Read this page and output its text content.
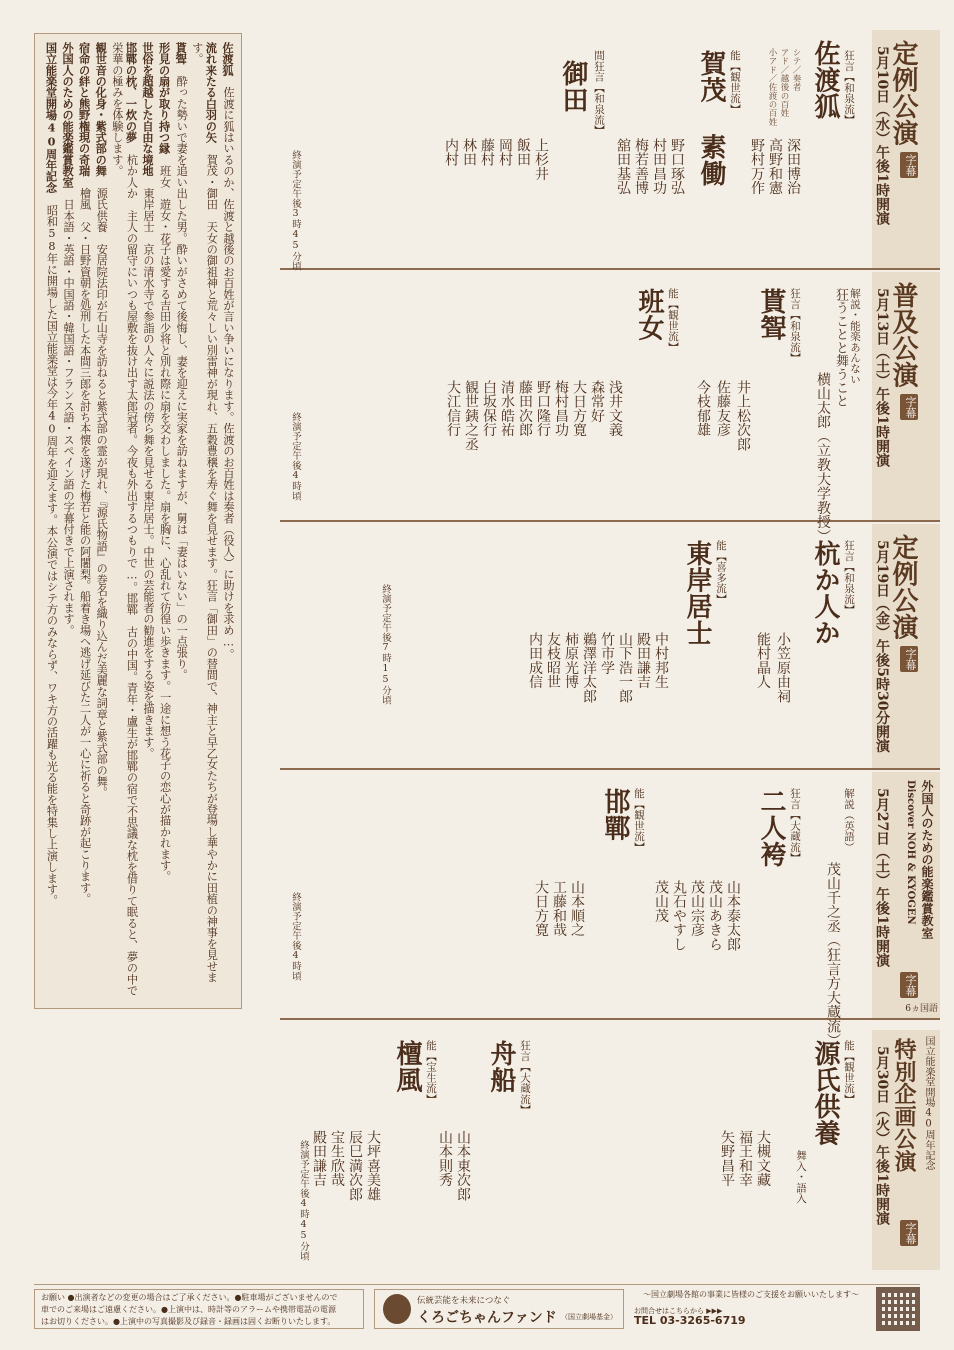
佐渡狐　佐渡に狐はいるのか、佐渡と越後のお百姓が言い争いになります。佐渡のお百姓は奏者（役人）に助けを求め…。

流れ来たる白羽の矢　賀茂・御田　天女の御祖神と荒々しい別雷神が現れ、五穀豊穣を寿ぐ舞を見せます。狂言「御田」の替間で、神主と早乙女たちが登場し華やかに田植の神事を見せます。

貰聟　酔った勢いで妻を追い出した男。酔いがさめて後悔し、妻を迎えに実家を訪ねますが、舅は「妻はいない」の一点張り。

形見の扇が取り持つ縁　班女　遊女・花子は愛する吉田少将と別れ際に扇を交わしました。扇を胸に、心乱れて彷徨い歩きます。一途に想う花子の恋心が描かれます。

世俗を超越した自由な境地　東岸居士　京の清水寺で参詣の人々に説法の傍ら舞を見せる東岸居士。中世の芸能者の勧進をする姿を描きます。

邯鄲の枕、一炊の夢　杭か人か　主人の留守にいつも屋敷を抜け出す太郎冠者。今夜も外出するつもりで…。邯鄲　古の中国。青年・盧生が邯鄲の宿で不思議な枕を借りて眠ると、夢の中で栄華の極みを体験します。

観世音の化身・紫式部の舞　源氏供養　安居院法印が石山寺を訪ねると紫式部の霊が現れ、『源氏物語』の巻名を織り込んだ美麗な詞章と紫式部の舞。

宿命の絆と熊野権現の奇瑞　檜風　父・日野資朝を処刑した本間三郎を討ち本懐を遂げた梅若と能の阿闍梨。船着き場へ逃げ延びた二人が一心に祈ると奇跡が起こります。

外国人のための能楽鑑賞教室　日本語・英語・中国語・韓国語・フランス語・スペイン語の字幕付きで上演されます。

国立能楽堂開場40周年記念　昭和58年に開場した国立能楽堂は今年40周年を迎えます。本公演ではシテ方のみならず、ワキ方の活躍も光る能を特集し上演します。

定例公演
字幕
5月10日（水）午後1時開演
狂言【和泉流】
佐渡狐
シテ／奏者
アド／越後の百姓
小アド／佐渡の百姓
深田博治
高野和憲
野村万作
能【観世流】
賀茂 素働
野口琢弘
村田昌功
梅若善博
舘田基弘
間狂言【和泉流】
御田
上杉井
飯田
岡村
藤村
林田
内村
終演予定午後3時45分頃
普及公演
字幕
5月13日（土）午後1時開演
解説・能楽あんない
狂うことと舞うこと
横山太郎（立教大学教授）
狂言【和泉流】
貰聟
井上松次郎
佐藤友彦
今枝郁雄
能【観世流】
班女
浅井文義
森常好
大日方寛
梅村昌功
野口隆行
藤田次郎
清水皓祐
白坂保行
観世銕之丞
大江信行
終演予定午後4時頃
定例公演
字幕
5月19日（金）午後5時30分開演
狂言【和泉流】
杭か人か
小笠原由祠
能村晶人
能【喜多流】
東岸居士
中村邦生
殿田謙吉
山下浩一郎
竹市学
鵜澤洋太郎
柿原光博
友枝昭世
内田成信
終演予定午後7時15分頃
外国人のための能楽鑑賞教室
Discover NOH & KYOGEN
字幕
5月27日（土）午後1時開演
解説（英語）
茂山千之丞（狂言方大蔵流）
狂言【大蔵流】
二人袴
山本泰太郎
茂山あきら
茂山宗彦
丸石やすし
茂山茂
能【観世流】
邯鄲
山本順之
工藤和哉
大日方寛
終演予定午後4時頃
6ヵ国語
国立能楽堂開場40周年記念
特別企画公演
字幕
5月30日（火）午後1時開演
能【観世流】
源氏供養
舞入・語入
大槻文藏
福王和幸
矢野昌平
狂言【大蔵流】
舟船
山本東次郎
山本則秀
能【宝生流】
檀風
大坪喜美雄
辰巳満次郎
宝生欣哉
殿田謙吉
終演予定午後4時45分頃
お願い ●出演者などの変更の場合はご了承ください。●駐車場がございませんので
車でのご来場はご遠慮ください。●上演中は、時計等のアラームや携帯電話の電源
はお切りください。●上演中の写真撮影及び録音・録画は固くお断りいたします。
伝統芸能を未来につなぐ
くろごちゃんファンド （国立劇場基金）
〜国立劇場各館の事業に皆様のご支援をお願いいたします〜
TEL 03-3265-6719
お問合せはこちらから ▶▶▶
